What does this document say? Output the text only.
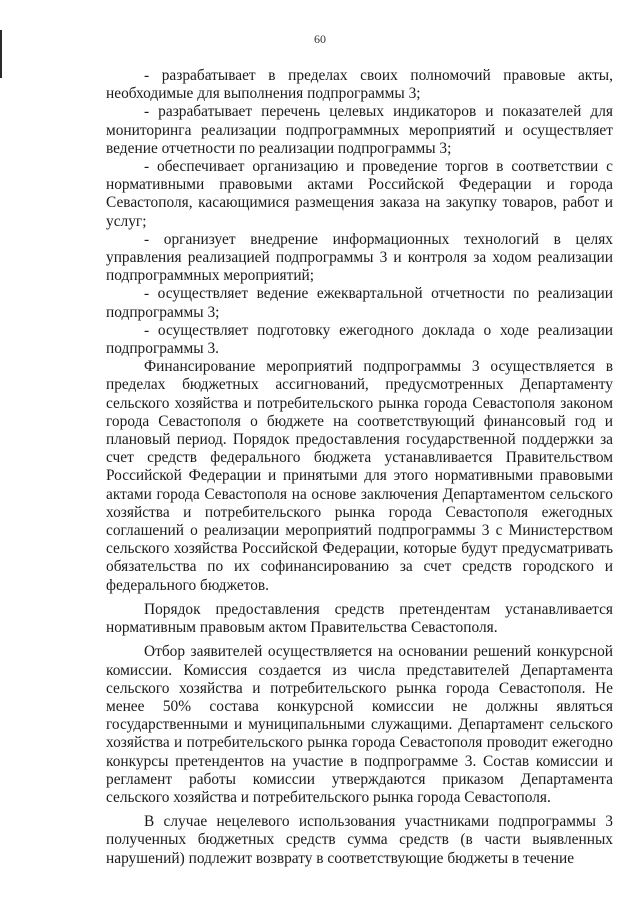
60

- разрабатывает в пределах своих полномочий правовые акты, необходимые для выполнения подпрограммы 3;

- разрабатывает перечень целевых индикаторов и показателей для мониторинга реализации подпрограммных мероприятий и осуществляет ведение отчетности по реализации подпрограммы 3;

- обеспечивает организацию и проведение торгов в соответствии с нормативными правовыми актами Российской Федерации и города Севастополя, касающимися размещения заказа на закупку товаров, работ и услуг;

- организует внедрение информационных технологий в целях управления реализацией подпрограммы 3 и контроля за ходом реализации подпрограммных мероприятий;

- осуществляет ведение ежеквартальной отчетности по реализации подпрограммы 3;

- осуществляет подготовку ежегодного доклада о ходе реализации подпрограммы 3.

Финансирование мероприятий подпрограммы 3 осуществляется в пределах бюджетных ассигнований, предусмотренных Департаменту сельского хозяйства и потребительского рынка города Севастополя законом города Севастополя о бюджете на соответствующий финансовый год и плановый период. Порядок предоставления государственной поддержки за счет средств федерального бюджета устанавливается Правительством Российской Федерации и принятыми для этого нормативными правовыми актами города Севастополя на основе заключения Департаментом сельского хозяйства и потребительского рынка города Севастополя ежегодных соглашений о реализации мероприятий подпрограммы 3 с Министерством сельского хозяйства Российской Федерации, которые будут предусматривать обязательства по их софинансированию за счет средств городского и федерального бюджетов.

Порядок предоставления средств претендентам устанавливается нормативным правовым актом Правительства Севастополя.

Отбор заявителей осуществляется на основании решений конкурсной комиссии. Комиссия создается из числа представителей Департамента сельского хозяйства и потребительского рынка города Севастополя. Не менее 50% состава конкурсной комиссии не должны являться государственными и муниципальными служащими. Департамент сельского хозяйства и потребительского рынка города Севастополя проводит ежегодно конкурсы претендентов на участие в подпрограмме 3. Состав комиссии и регламент работы комиссии утверждаются приказом Департамента сельского хозяйства и потребительского рынка города Севастополя.

В случае нецелевого использования участниками подпрограммы 3 полученных бюджетных средств сумма средств (в части выявленных нарушений) подлежит возврату в соответствующие бюджеты в течение
